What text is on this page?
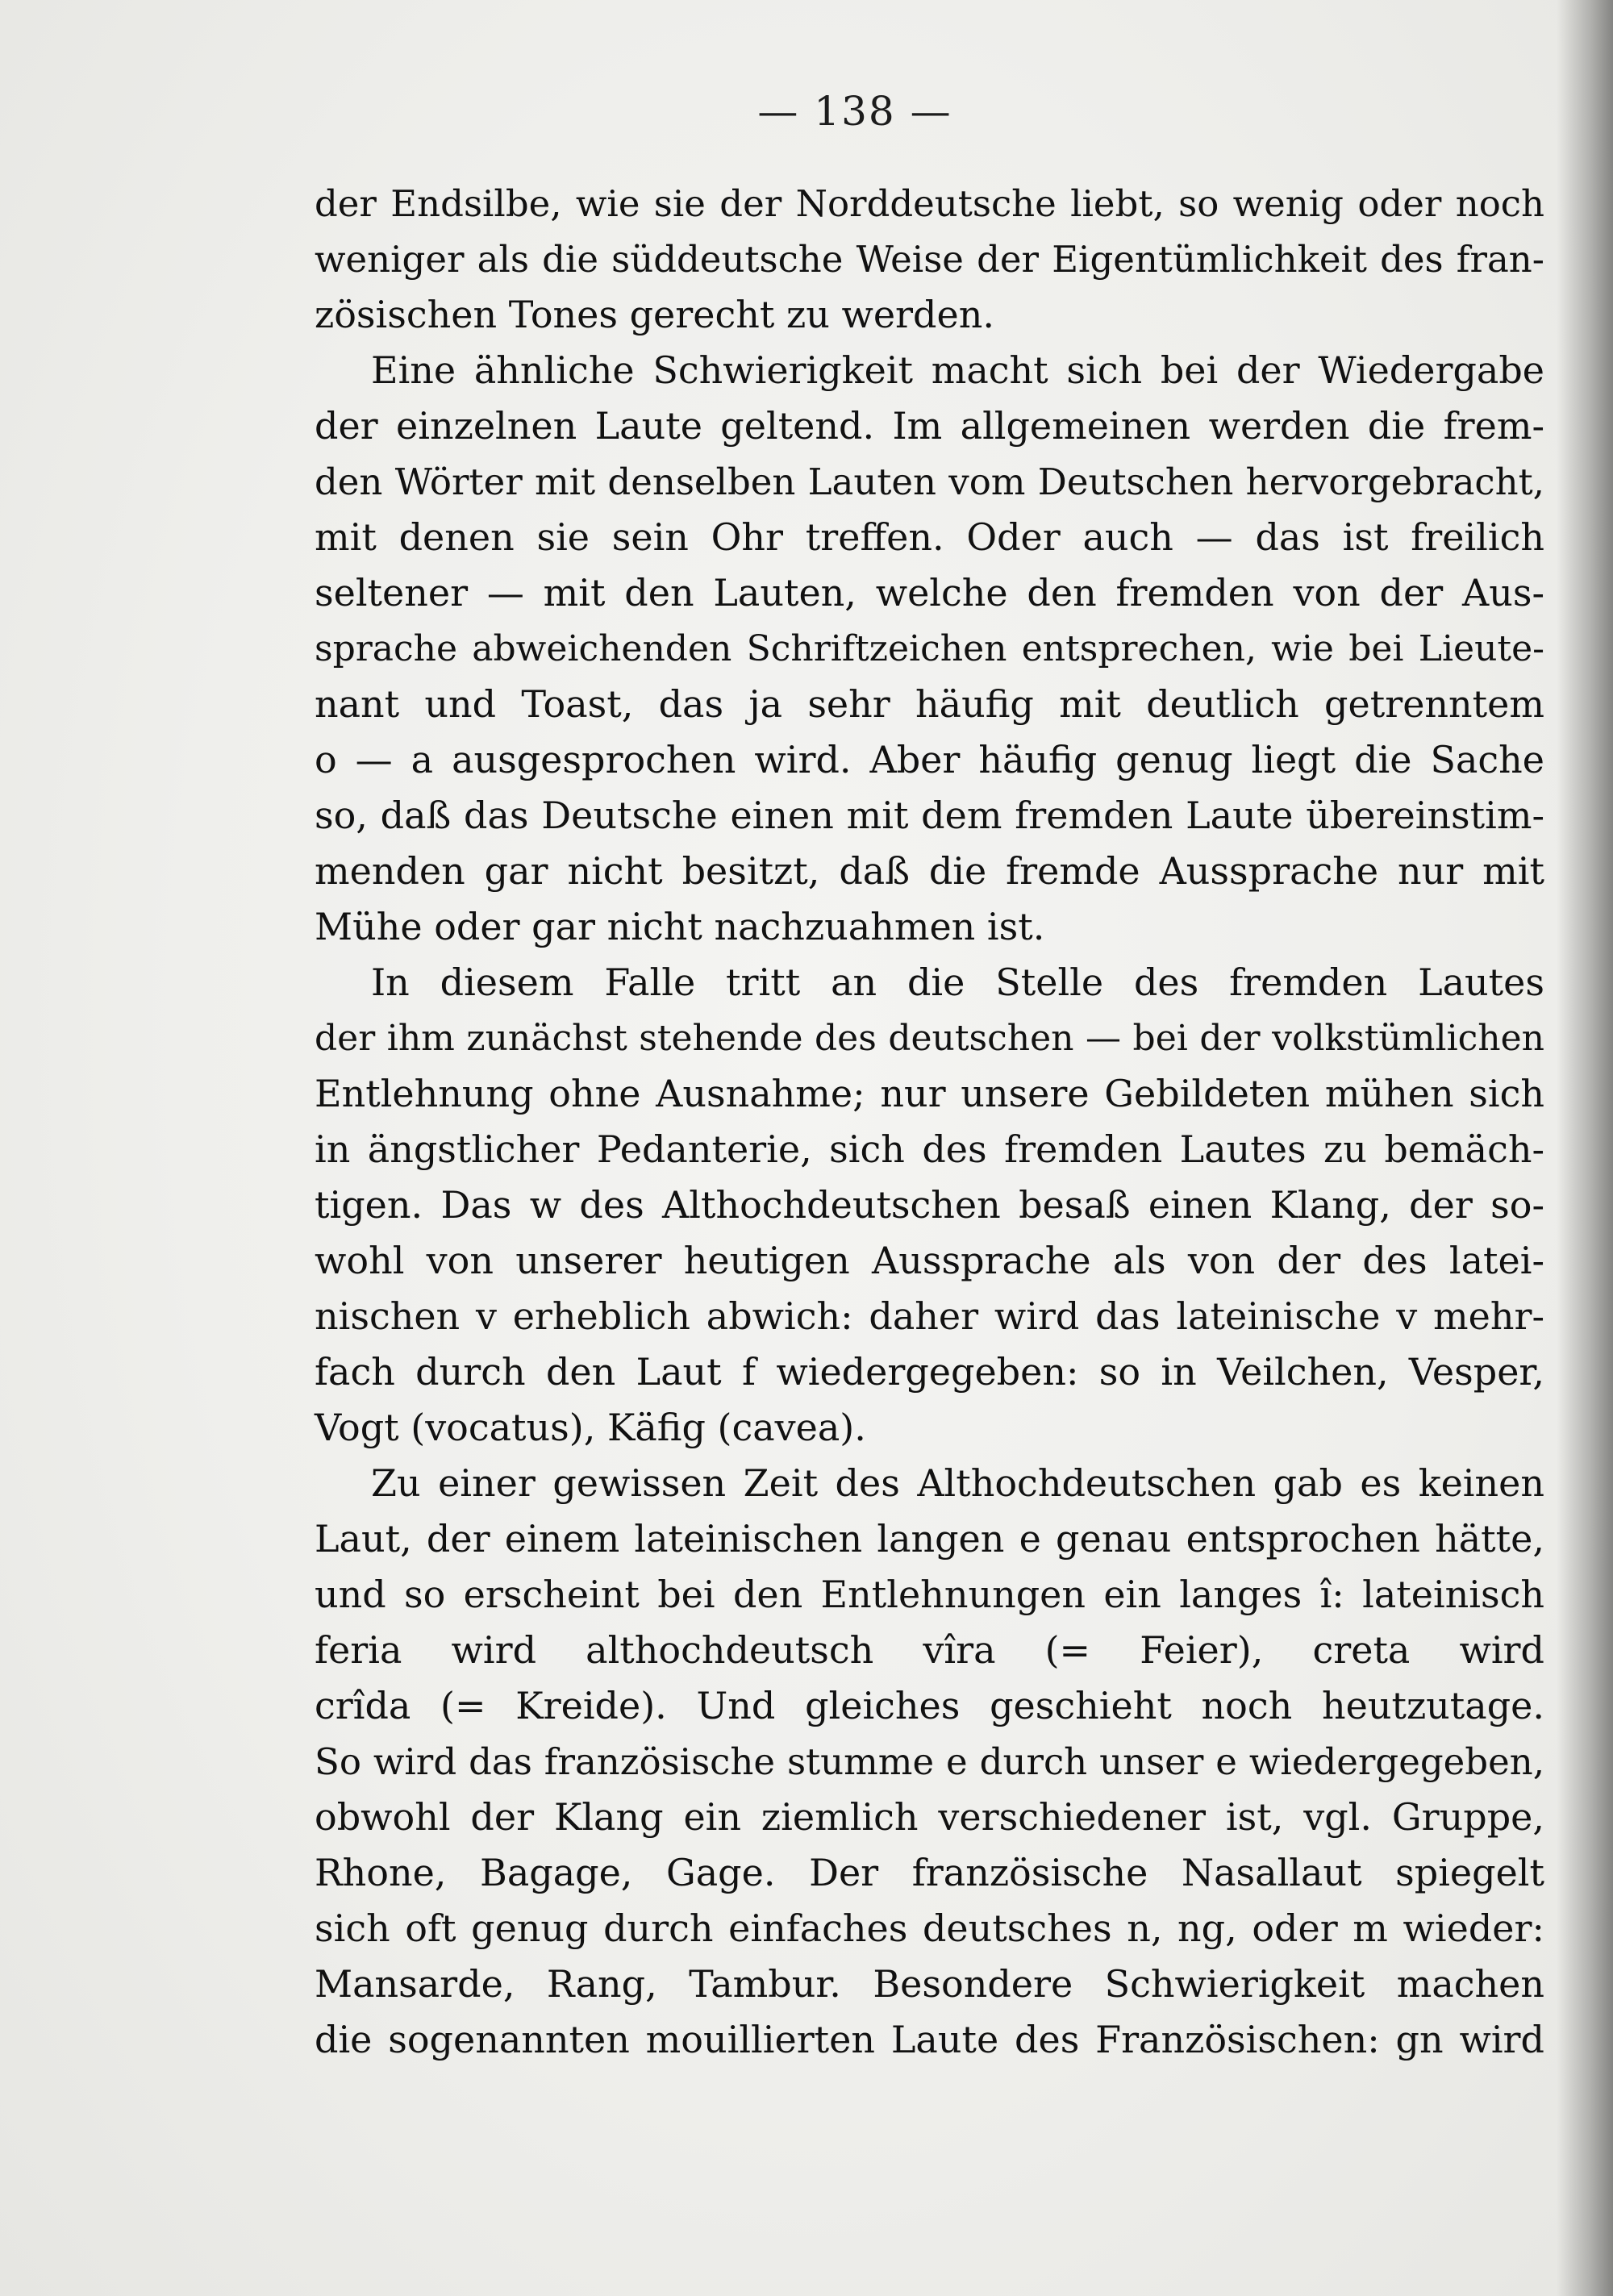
— 138 —
der Endsilbe, wie sie der Norddeutsche liebt, so wenig oder noch
weniger als die süddeutsche Weise der Eigentümlichkeit des fran-
zösischen Tones gerecht zu werden.
Eine ähnliche Schwierigkeit macht sich bei der Wiedergabe
der einzelnen Laute geltend. Im allgemeinen werden die frem-
den Wörter mit denselben Lauten vom Deutschen hervorgebracht,
mit denen sie sein Ohr treffen. Oder auch — das ist freilich
seltener — mit den Lauten, welche den fremden von der Aus-
sprache abweichenden Schriftzeichen entsprechen, wie bei Lieute-
nant und Toast, das ja sehr häufig mit deutlich getrenntem
o — a ausgesprochen wird. Aber häufig genug liegt die Sache
so, daß das Deutsche einen mit dem fremden Laute übereinstim-
menden gar nicht besitzt, daß die fremde Aussprache nur mit
Mühe oder gar nicht nachzuahmen ist.
In diesem Falle tritt an die Stelle des fremden Lautes
der ihm zunächst stehende des deutschen — bei der volkstümlichen
Entlehnung ohne Ausnahme; nur unsere Gebildeten mühen sich
in ängstlicher Pedanterie, sich des fremden Lautes zu bemäch-
tigen. Das w des Althochdeutschen besaß einen Klang, der so-
wohl von unserer heutigen Aussprache als von der des latei-
nischen v erheblich abwich: daher wird das lateinische v mehr-
fach durch den Laut f wiedergegeben: so in Veilchen, Vesper,
Vogt (vocatus), Käfig (cavea).
Zu einer gewissen Zeit des Althochdeutschen gab es keinen
Laut, der einem lateinischen langen e genau entsprochen hätte,
und so erscheint bei den Entlehnungen ein langes î: lateinisch
feria wird althochdeutsch vîra (= Feier), creta wird
crîda (= Kreide). Und gleiches geschieht noch heutzutage.
So wird das französische stumme e durch unser e wiedergegeben,
obwohl der Klang ein ziemlich verschiedener ist, vgl. Gruppe,
Rhone, Bagage, Gage. Der französische Nasallaut spiegelt
sich oft genug durch einfaches deutsches n, ng, oder m wieder:
Mansarde, Rang, Tambur. Besondere Schwierigkeit machen
die sogenannten mouillierten Laute des Französischen: gn wird
